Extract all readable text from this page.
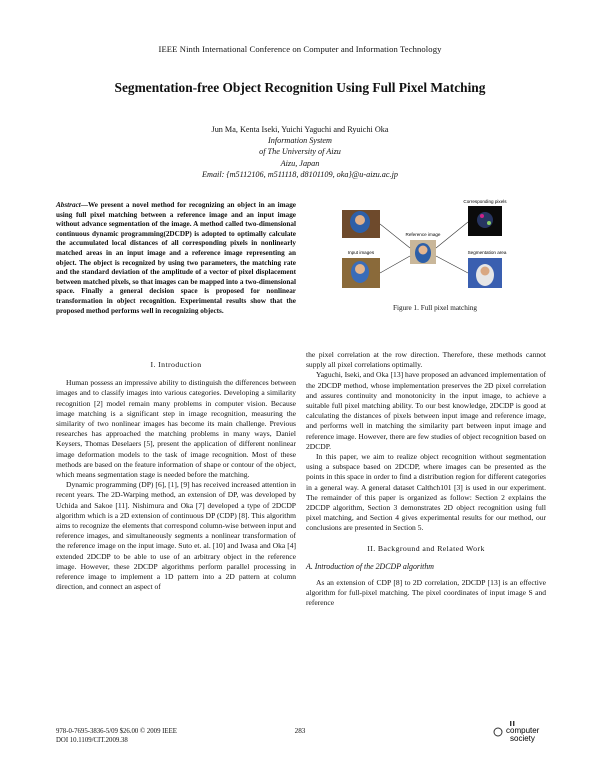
IEEE Ninth International Conference on Computer and Information Technology
Segmentation-free Object Recognition Using Full Pixel Matching
Jun Ma, Kenta Iseki, Yuichi Yaguchi and Ryuichi Oka
Information System
of The University of Aizu
Aizu, Japan
Email: {m5112106, m511118, d8101109, oka}@u-aizu.ac.jp
Abstract—We present a novel method for recognizing an object in an image using full pixel matching between a reference image and an input image without advance segmentation of the image. A method called two-dimensional continuous dynamic programming(2DCDP) is adopted to optimally calculate the accumulated local distances of all corresponding pixels in nonlinearly matched areas in an input image and a reference image representing an object. The object is recognized by using two parameters, the matching rate and the standard deviation of the amplitude of a vector of pixel displacement between matched pixels, so that images can be mapped into a two-dimensional space. Finally a general decision space is proposed for nonlinear transformation in object recognition. Experimental results show that the proposed method performs well in recognizing objects.
Corresponding pixels
Reference image
Input images	Segmentation area
Figure 1. Full pixel matching
I. Introduction

Human possess an impressive ability to distinguish the differences between images and to classify images into various categories. Developing a similarity recognition [2] model remain many problems in computer vision. Because image matching is a significant step in image recognition, measuring the similarity of two nonlinear images has become its main challenge. Previous researches has approached the matching problems in many ways, Daniel Keysers, Thomas Deselaers [5], present the application of different nonlinear image deformation models to the task of image recognition. Most of these methods are based on the feature information of shape or contour of the object, which means segmentation stage is needed before the matching.

Dynamic programming (DP) [6], [1], [9] has received increased attention in recent years. The 2D-Warping method, an extension of DP, was developed by Uchida and Sakoe [11]. Nishimura and Oka [7] developed a type of 2DCDP algorithm which is a 2D extension of continuous DP (CDP) [8]. This algorithm aims to recognize the elements that correspond column-wise between input and reference images, and simultaneously segments a nonlinear transformation of the reference image on the input image. Suto et. al. [10] and Iwasa and Oka [4] extended 2DCDP to be able to use of an arbitrary object in the reference image. However, these 2DCDP algorithms perform parallel processing in reference image to implement a 1D pattern into a 2D pattern at column direction, and connect an aspect of

the pixel correlation at the row direction. Therefore, these methods cannot supply all pixel correlations optimally.

Yaguchi, Iseki, and Oka [13] have proposed an advanced implementation of the 2DCDP method, whose implementation preserves the 2D pixel correlation and assures continuity and monotonicity in the input image, to achieve a suitable full pixel matching ability. To our best knowledge, 2DCDP is good at calculating the distances of pixels between input image and reference image, and performs well in matching the similarity part between input image and reference image. However, there are few studies of object recognition based on 2DCDP.

In this paper, we aim to realize object recognition without segmentation using a subspace based on 2DCDP, where images can be presented as the points in this space in order to find a distribution region for different categories in a general way. A general dataset Calthch101 [3] is used in our experiment. The remainder of this paper is organized as follow: Section 2 explains the 2DCDP algorithm, Section 3 demonstrates 2D object recognition using full pixel matching, and Section 4 gives experimental results for our method, our conclusions are presented in Section 5.

II. Background and Related Work
A. Introduction of the 2DCDP algorithm

As an extension of CDP [8] to 2D correlation, 2DCDP [13] is an effective algorithm for full-pixel matching. The pixel coordinates of input image S and reference

978-0-7695-3836-5/09 $26.00 © 2009 IEEE
DOI 10.1109/CIT.2009.38
283	computer
society
